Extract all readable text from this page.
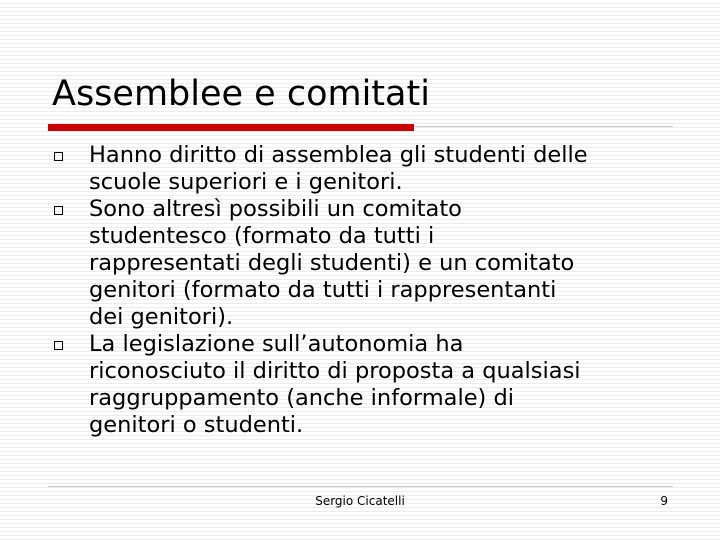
Assemblee e comitati
Hanno diritto di assemblea gli studenti delle
scuole superiori e i genitori.
Sono altresì possibili un comitato
studentesco (formato da tutti i
rappresentati degli studenti) e un comitato
genitori (formato da tutti i rappresentanti
dei genitori).
La legislazione sull’autonomia ha
riconosciuto il diritto di proposta a qualsiasi
raggruppamento (anche informale) di
genitori o studenti.
Sergio Cicatelli	9
